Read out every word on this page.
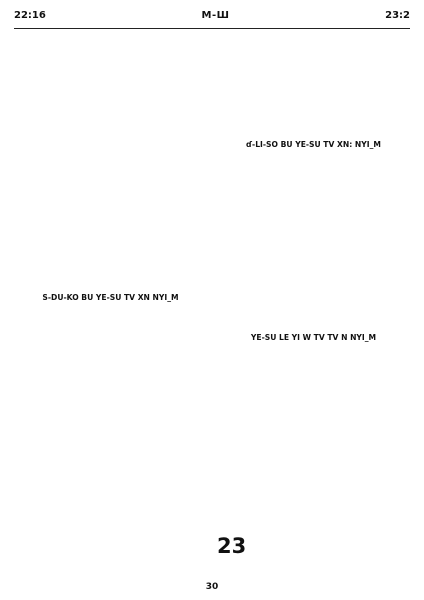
22:16	M-Ш	23:2
S-DU-KO BU YE-SU TV XN NYI_M
ɗ-LI-SO BU YE-SU TV XN: NYI_M
YE-SU LE YI W TV TV N NYI_M
23
30
